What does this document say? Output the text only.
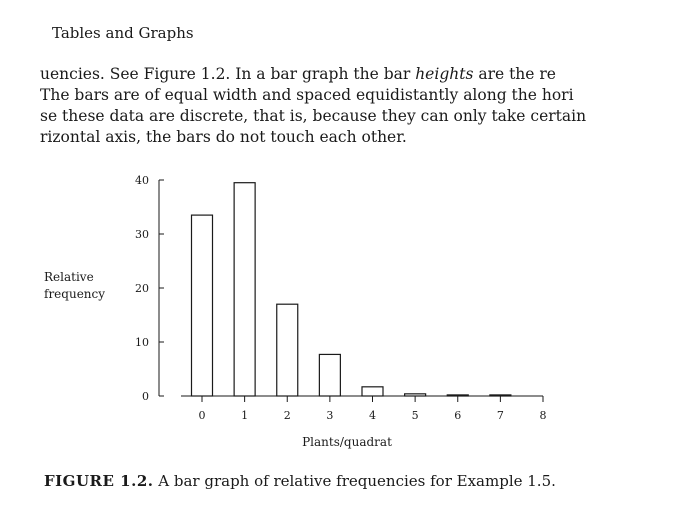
Tables and Graphs
uencies. See Figure 1.2. In a bar graph the bar heights are the re
The bars are of equal width and spaced equidistantly along the hori
se these data are discrete, that is, because they can only take certain
rizontal axis, the bars do not touch each other.
0
10
20
30
40
0	1	2	3	4	5	6	7	8
Plants/quadrat
Relative
frequency
FIGURE 1.2. A bar graph of relative frequencies for Example 1.5.
